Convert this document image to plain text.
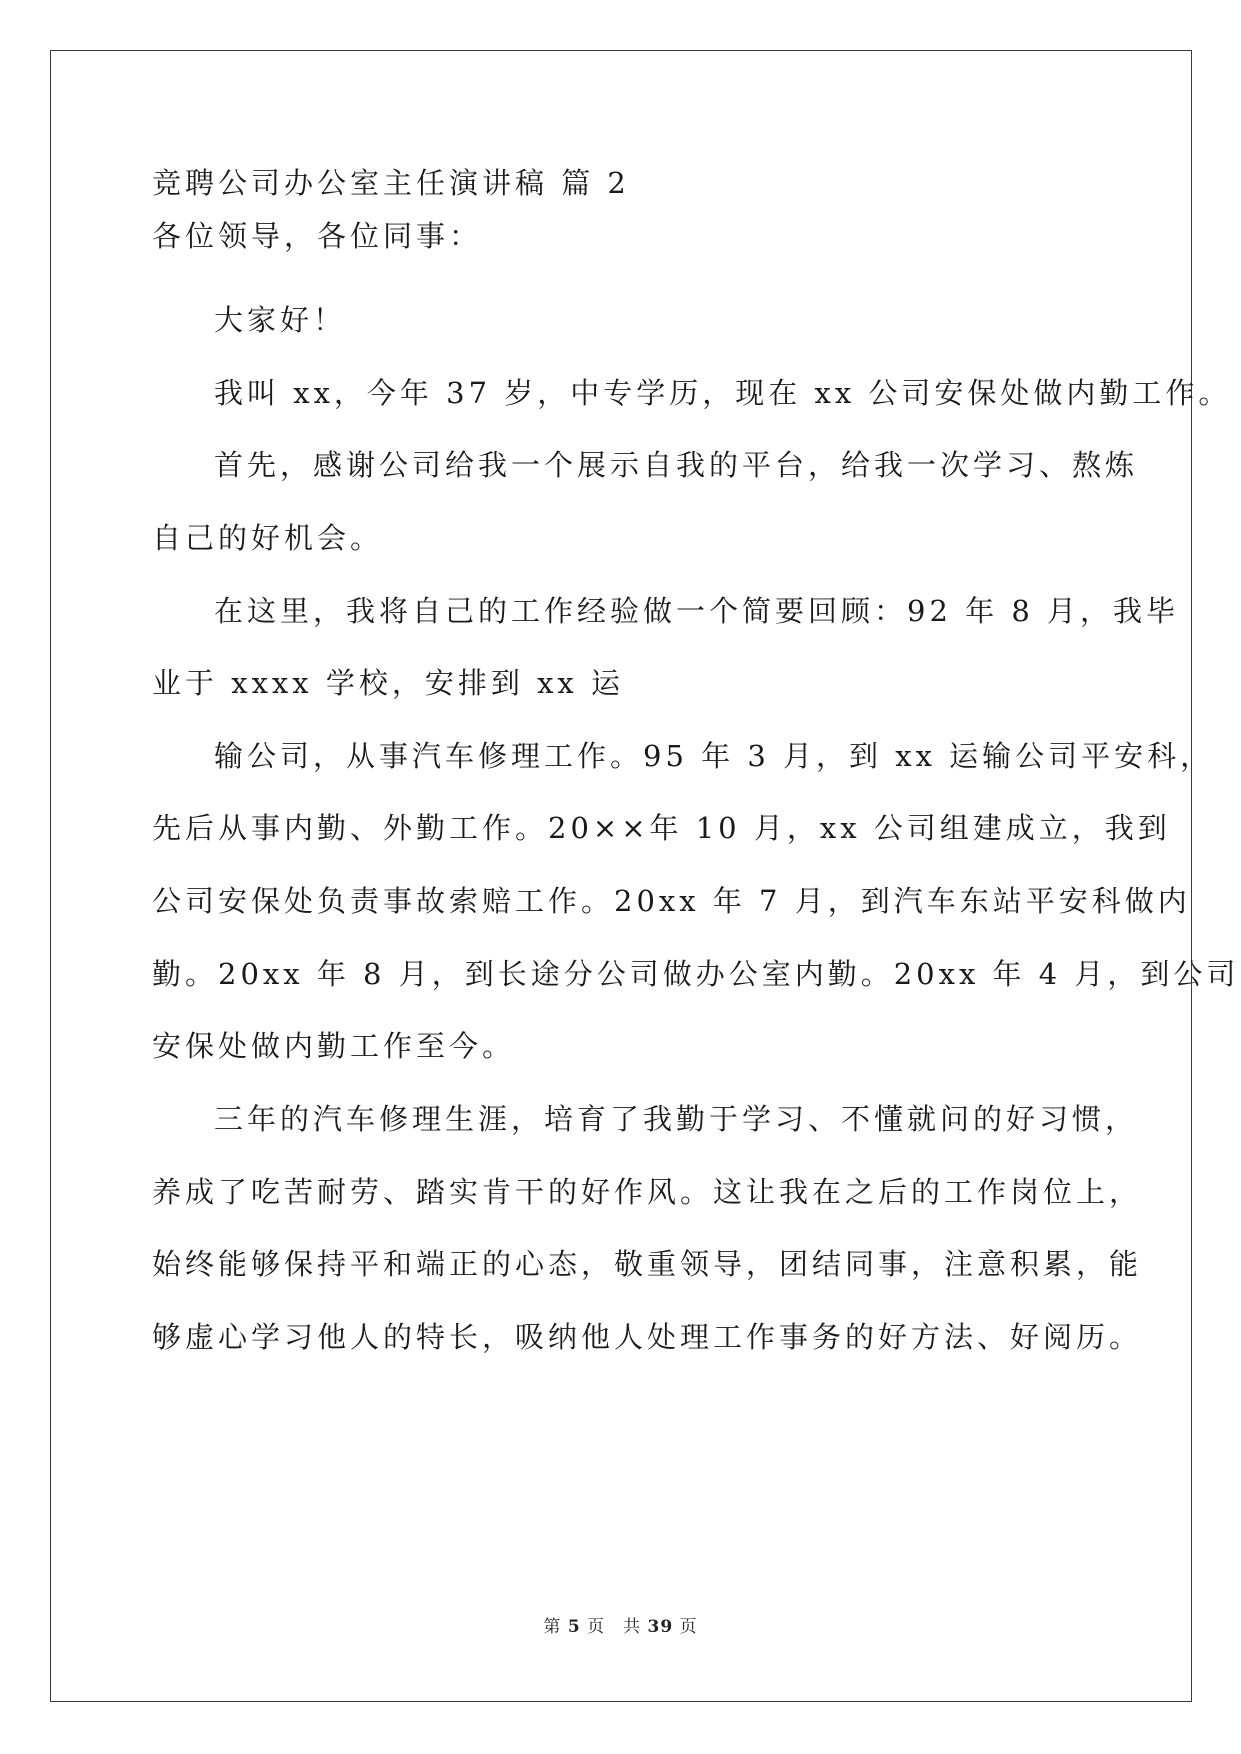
竞聘公司办公室主任演讲稿 篇 2
各位领导，各位同事：
大家好！
我叫 xx，今年 37 岁，中专学历，现在 xx 公司安保处做内勤工作。
首先，感谢公司给我一个展示自我的平台，给我一次学习、熬炼
自己的好机会。
在这里，我将自己的工作经验做一个简要回顾：92 年 8 月，我毕
业于 xxxx 学校，安排到 xx 运
输公司，从事汽车修理工作。95 年 3 月，到 xx 运输公司平安科，
先后从事内勤、外勤工作。20××年 10 月，xx 公司组建成立，我到
公司安保处负责事故索赔工作。20xx 年 7 月，到汽车东站平安科做内
勤。20xx 年 8 月，到长途分公司做办公室内勤。20xx 年 4 月，到公司
安保处做内勤工作至今。
三年的汽车修理生涯，培育了我勤于学习、不懂就问的好习惯，
养成了吃苦耐劳、踏实肯干的好作风。这让我在之后的工作岗位上，
始终能够保持平和端正的心态，敬重领导，团结同事，注意积累，能
够虚心学习他人的特长，吸纳他人处理工作事务的好方法、好阅历。
第 5 页　共 39 页
